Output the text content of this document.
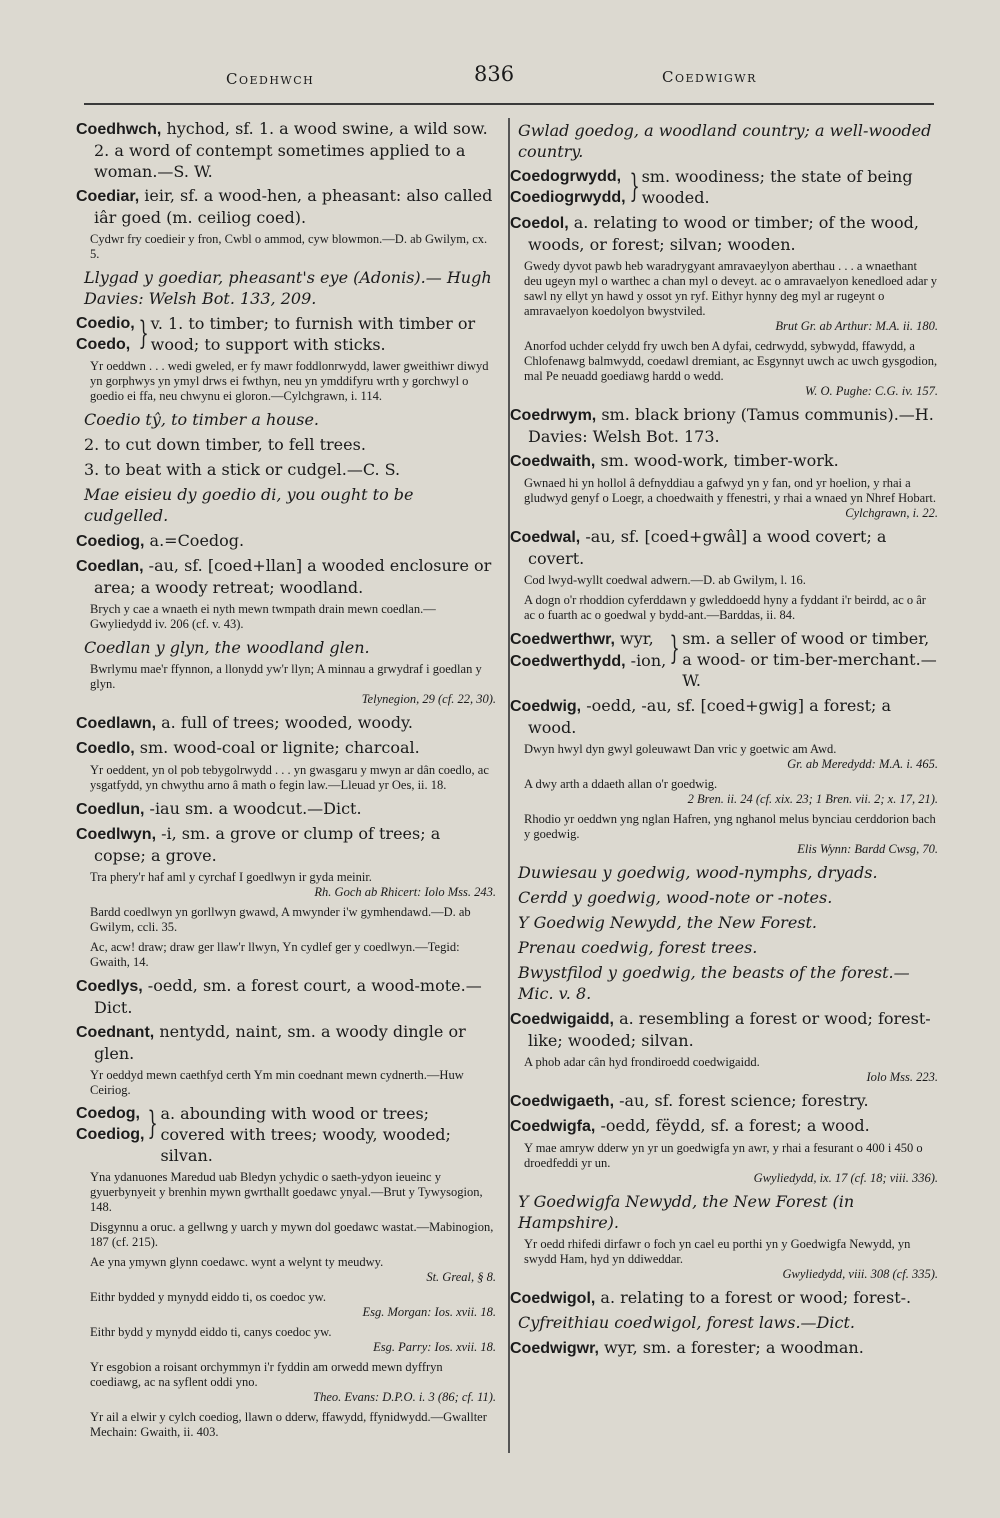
Coedhwch	836	Coedwigwr

Coedhwch, hychod, sf. 1. a wood swine, a wild sow. 2. a word of contempt sometimes applied to a woman.—S. W.

Coediar, ieir, sf. a wood-hen, a pheasant: also called iâr goed (m. ceiliog coed).

Cydwr fry coedieir y fron, Cwbl o ammod, cyw blowmon.—D. ab Gwilym, cx. 5.
Llygad y goediar, pheasant's eye (Adonis).— Hugh Davies: Welsh Bot. 133, 209.
Coedio,
Coedo, } v. 1. to timber; to furnish with timber or wood; to support with sticks.
Yr oeddwn . . . wedi gweled, er fy mawr foddlonrwydd, lawer gweithiwr diwyd yn gorphwys yn ymyl drws ei fwthyn, neu yn ymddifyru wrth y gorchwyl o goedio ei ffa, neu chwynu ei gloron.—Cylchgrawn, i. 114.
Coedio tŷ, to timber a house.
2. to cut down timber, to fell trees.
3. to beat with a stick or cudgel.—C. S.
Mae eisieu dy goedio di, you ought to be cudgelled.

Coediog, a.=Coedog.

Coedlan, -au, sf. [coed+llan] a wooded enclosure or area; a woody retreat; woodland.

Brych y cae a wnaeth ei nyth mewn twmpath drain mewn coedlan.—Gwyliedydd iv. 206 (cf. v. 43).
Coedlan y glyn, the woodland glen.
Bwrlymu mae'r ffynnon, a llonydd yw'r llyn; A minnau a grwydraf i goedlan y glyn.
Telynegion, 29 (cf. 22, 30).

Coedlawn, a. full of trees; wooded, woody.

Coedlo, sm. wood-coal or lignite; charcoal.

Yr oeddent, yn ol pob tebygolrwydd . . . yn gwasgaru y mwyn ar dân coedlo, ac ysgatfydd, yn chwythu arno â math o fegin law.—Lleuad yr Oes, ii. 18.

Coedlun, -iau sm. a woodcut.—Dict.

Coedlwyn, -i, sm. a grove or clump of trees; a copse; a grove.

Tra phery'r haf aml y cyrchaf I goedlwyn ir gyda meinir.
Rh. Goch ab Rhicert: Iolo Mss. 243.
Bardd coedlwyn yn gorllwyn gwawd, A mwynder i'w gymhendawd.—D. ab Gwilym, ccli. 35.
Ac, acw! draw; draw ger llaw'r llwyn, Yn cydlef ger y coedlwyn.—Tegid: Gwaith, 14.

Coedlys, -oedd, sm. a forest court, a wood-mote.—Dict.

Coednant, nentydd, naint, sm. a woody dingle or glen.

Yr oeddyd mewn caethfyd certh Ym min coednant mewn cydnerth.—Huw Ceiriog.
Coedog,
Coediog, } a. abounding with wood or trees; covered with trees; woody, wooded; silvan.
Yna ydanuones Maredud uab Bledyn ychydic o saeth-ydyon ieueinc y gyuerbynyeit y brenhin mywn gwrthallt goedawc ynyal.—Brut y Tywysogion, 148.
Disgynnu a oruc. a gellwng y uarch y mywn dol goedawc wastat.—Mabinogion, 187 (cf. 215).
Ae yna ymywn glynn coedawc. wynt a welynt ty meudwy.
St. Greal, § 8.
Eithr bydded y mynydd eiddo ti, os coedoc yw.
Esg. Morgan: Ios. xvii. 18.
Eithr bydd y mynydd eiddo ti, canys coedoc yw.
Esg. Parry: Ios. xvii. 18.
Yr esgobion a roisant orchymmyn i'r fyddin am orwedd mewn dyffryn coediawg, ac na syflent oddi yno.
Theo. Evans: D.P.O. i. 3 (86; cf. 11).
Yr ail a elwir y cylch coediog, llawn o dderw, ffawydd, ffynidwydd.—Gwallter Mechain: Gwaith, ii. 403.
Gwlad goedog, a woodland country; a well-wooded country.
Coedogrwydd,
Coediogrwydd, } sm. woodiness; the state of being wooded.

Coedol, a. relating to wood or timber; of the wood, woods, or forest; silvan; wooden.

Gwedy dyvot pawb heb waradrygyant amravaeylyon aberthau . . . a wnaethant deu ugeyn myl o warthec a chan myl o deveyt. ac o amravaelyon kenedloed adar y sawl ny ellyt yn hawd y ossot yn ryf. Eithyr hynny deg myl ar rugeynt o amravaelyon koedolyon bwystviled.
Brut Gr. ab Arthur: M.A. ii. 180.
Anorfod uchder celydd fry uwch ben A dyfai, cedrwydd, sybwydd, ffawydd, a Chlofenawg balmwydd, coedawl dremiant, ac Esgynnyt uwch ac uwch gysgodion, mal Pe neuadd goediawg hardd o wedd.
W. O. Pughe: C.G. iv. 157.

Coedrwym, sm. black briony (Tamus communis).—H. Davies: Welsh Bot. 173.

Coedwaith, sm. wood-work, timber-work.

Gwnaed hi yn hollol â defnyddiau a gafwyd yn y fan, ond yr hoelion, y rhai a gludwyd genyf o Loegr, a choedwaith y ffenestri, y rhai a wnaed yn Nhref Hobart.
Cylchgrawn, i. 22.

Coedwal, -au, sf. [coed+gwâl] a wood covert; a covert.

Cod lwyd-wyllt coedwal adwern.—D. ab Gwilym, l. 16.
A dogn o'r rhoddion cyferddawn y gwleddoedd hyny a fyddant i'r beirdd, ac o âr ac o fuarth ac o goedwal y bydd-ant.—Barddas, ii. 84.
Coedwerthwr, wyr,
Coedwerthydd, -ion, } sm. a seller of wood or timber, a wood- or tim-ber-merchant.—W.

Coedwig, -oedd, -au, sf. [coed+gwig] a forest; a wood.

Dwyn hwyl dyn gwyl goleuwawt Dan vric y goetwic am Awd.
Gr. ab Meredydd: M.A. i. 465.
A dwy arth a ddaeth allan o'r goedwig.
2 Bren. ii. 24 (cf. xix. 23; 1 Bren. vii. 2; x. 17, 21).
Rhodio yr oeddwn yng nglan Hafren, yng nghanol melus bynciau cerddorion bach y goedwig.
Elis Wynn: Bardd Cwsg, 70.
Duwiesau y goedwig, wood-nymphs, dryads.
Cerdd y goedwig, wood-note or -notes.
Y Goedwig Newydd, the New Forest.
Prenau coedwig, forest trees.
Bwystfilod y goedwig, the beasts of the forest.— Mic. v. 8.

Coedwigaidd, a. resembling a forest or wood; forest-like; wooded; silvan.

A phob adar cân hyd frondiroedd coedwigaidd.
Iolo Mss. 223.

Coedwigaeth, -au, sf. forest science; forestry.

Coedwigfa, -oedd, fëydd, sf. a forest; a wood.

Y mae amryw dderw yn yr un goedwigfa yn awr, y rhai a fesurant o 400 i 450 o droedfeddi yr un.
Gwyliedydd, ix. 17 (cf. 18; viii. 336).
Y Goedwigfa Newydd, the New Forest (in Hampshire).
Yr oedd rhifedi dirfawr o foch yn cael eu porthi yn y Goedwigfa Newydd, yn swydd Ham, hyd yn ddiweddar.
Gwyliedydd, viii. 308 (cf. 335).

Coedwigol, a. relating to a forest or wood; forest-.

Cyfreithiau coedwigol, forest laws.—Dict.

Coedwigwr, wyr, sm. a forester; a woodman.
